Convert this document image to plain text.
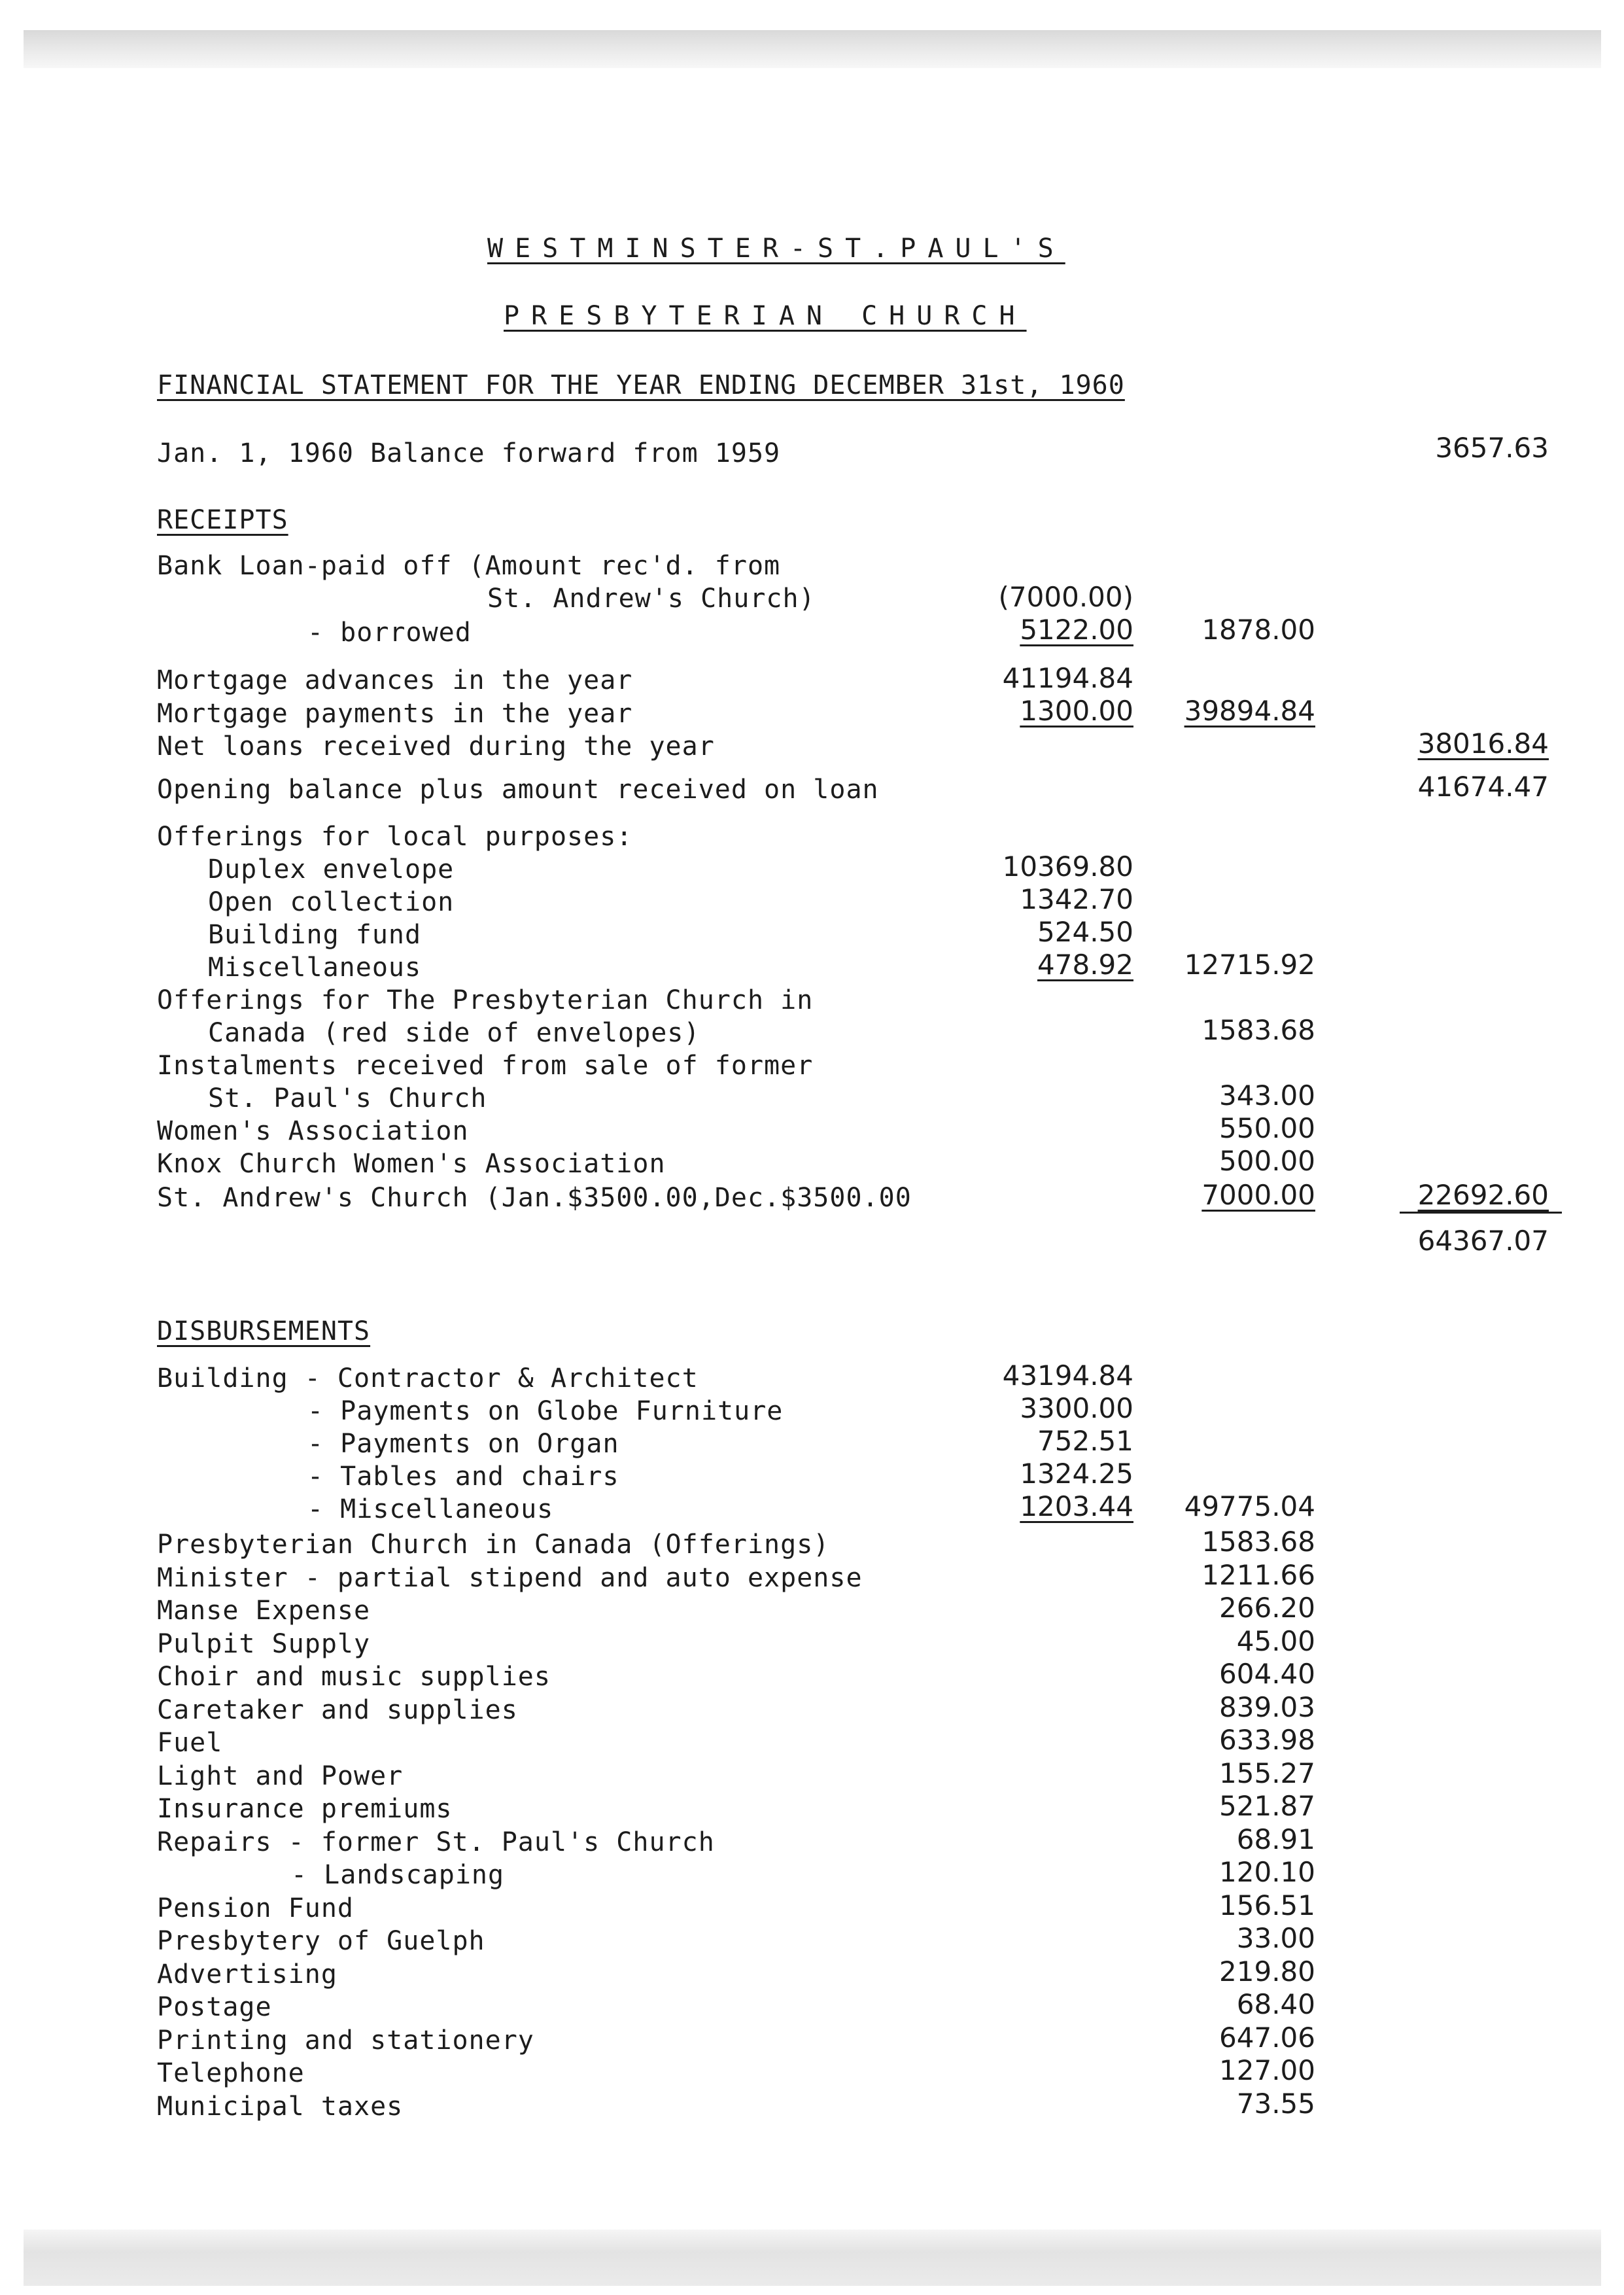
WESTMINSTER-ST.PAUL'S
PRESBYTERIAN CHURCH
FINANCIAL STATEMENT FOR THE YEAR ENDING DECEMBER 31st, 1960
Jan. 1, 1960 Balance forward from 1959	3657.63
RECEIPTS
Bank Loan-paid off (Amount rec'd. from
St. Andrew's Church)	(7000.00)
- borrowed	5122.00 1878.00
Mortgage advances in the year	41194.84
Mortgage payments in the year	1300.00 39894.84
Net loans received during the year	38016.84
Opening balance plus amount received on loan	41674.47
Offerings for local purposes:
Duplex envelope	10369.80
Open collection	1342.70
Building fund	524.50
Miscellaneous	478.92 12715.92
Offerings for The Presbyterian Church in
Canada (red side of envelopes)	1583.68
Instalments received from sale of former
St. Paul's Church	343.00
Women's Association	550.00
Knox Church Women's Association	500.00
St. Andrew's Church (Jan.$3500.00,Dec.$3500.00	7000.00	22692.60
64367.07
DISBURSEMENTS
Building - Contractor & Architect	43194.84
- Payments on Globe Furniture	3300.00
- Payments on Organ	752.51
- Tables and chairs	1324.25
- Miscellaneous	1203.44 49775.04
Presbyterian Church in Canada (Offerings)	1583.68
Minister - partial stipend and auto expense	1211.66
Manse Expense	266.20
Pulpit Supply	45.00
Choir and music supplies	604.40
Caretaker and supplies	839.03
Fuel	633.98
Light and Power	155.27
Insurance premiums	521.87
Repairs - former St. Paul's Church	68.91
- Landscaping	120.10
Pension Fund	156.51
Presbytery of Guelph	33.00
Advertising	219.80
Postage	68.40
Printing and stationery	647.06
Telephone	127.00
Municipal taxes	73.55
